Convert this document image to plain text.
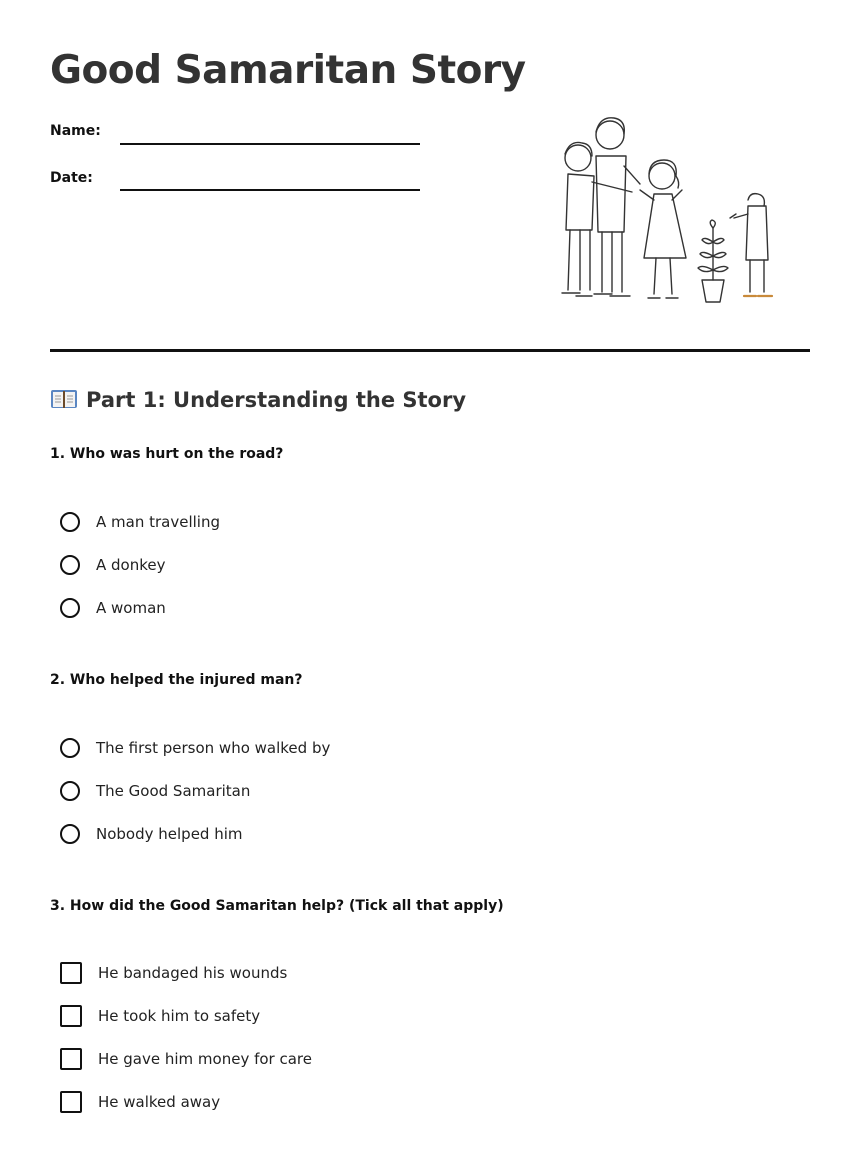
Good Samaritan Story
Name:
Date:
Part 1: Understanding the Story

1. Who was hurt on the road?

A man travelling
A donkey
A woman

2. Who helped the injured man?

The first person who walked by
The Good Samaritan
Nobody helped him

3. How did the Good Samaritan help? (Tick all that apply)

He bandaged his wounds
He took him to safety
He gave him money for care
He walked away
